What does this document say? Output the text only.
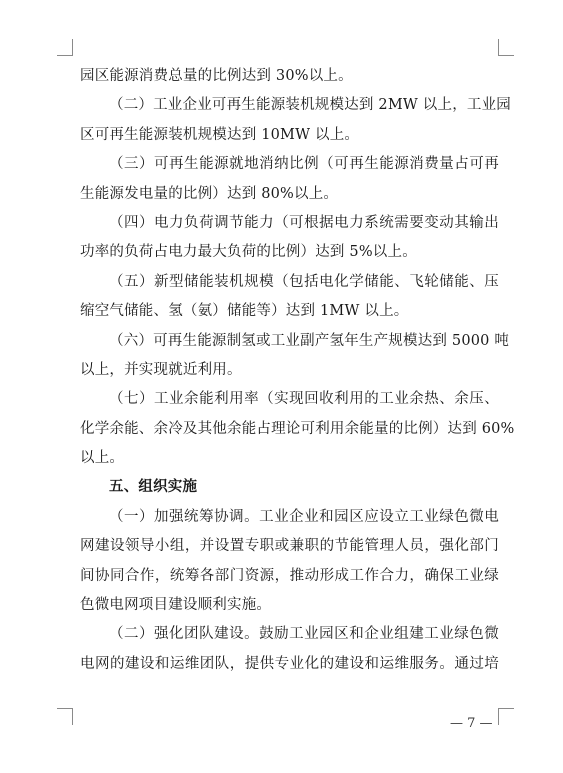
园区能源消费总量的比例达到 30%以上。
（二）工业企业可再生能源装机规模达到 2MW 以上，工业园
区可再生能源装机规模达到 10MW 以上。
（三）可再生能源就地消纳比例（可再生能源消费量占可再
生能源发电量的比例）达到 80%以上。
（四）电力负荷调节能力（可根据电力系统需要变动其输出
功率的负荷占电力最大负荷的比例）达到 5%以上。
（五）新型储能装机规模（包括电化学储能、飞轮储能、压
缩空气储能、氢（氨）储能等）达到 1MW 以上。
（六）可再生能源制氢或工业副产氢年生产规模达到 5000 吨
以上，并实现就近利用。
（七）工业余能利用率（实现回收利用的工业余热、余压、
化学余能、余冷及其他余能占理论可利用余能量的比例）达到 60%
以上。
五、组织实施
（一）加强统筹协调。工业企业和园区应设立工业绿色微电
网建设领导小组，并设置专职或兼职的节能管理人员，强化部门
间协同合作，统筹各部门资源，推动形成工作合力，确保工业绿
色微电网项目建设顺利实施。
（二）强化团队建设。鼓励工业园区和企业组建工业绿色微
电网的建设和运维团队，提供专业化的建设和运维服务。通过培
— 7 —
